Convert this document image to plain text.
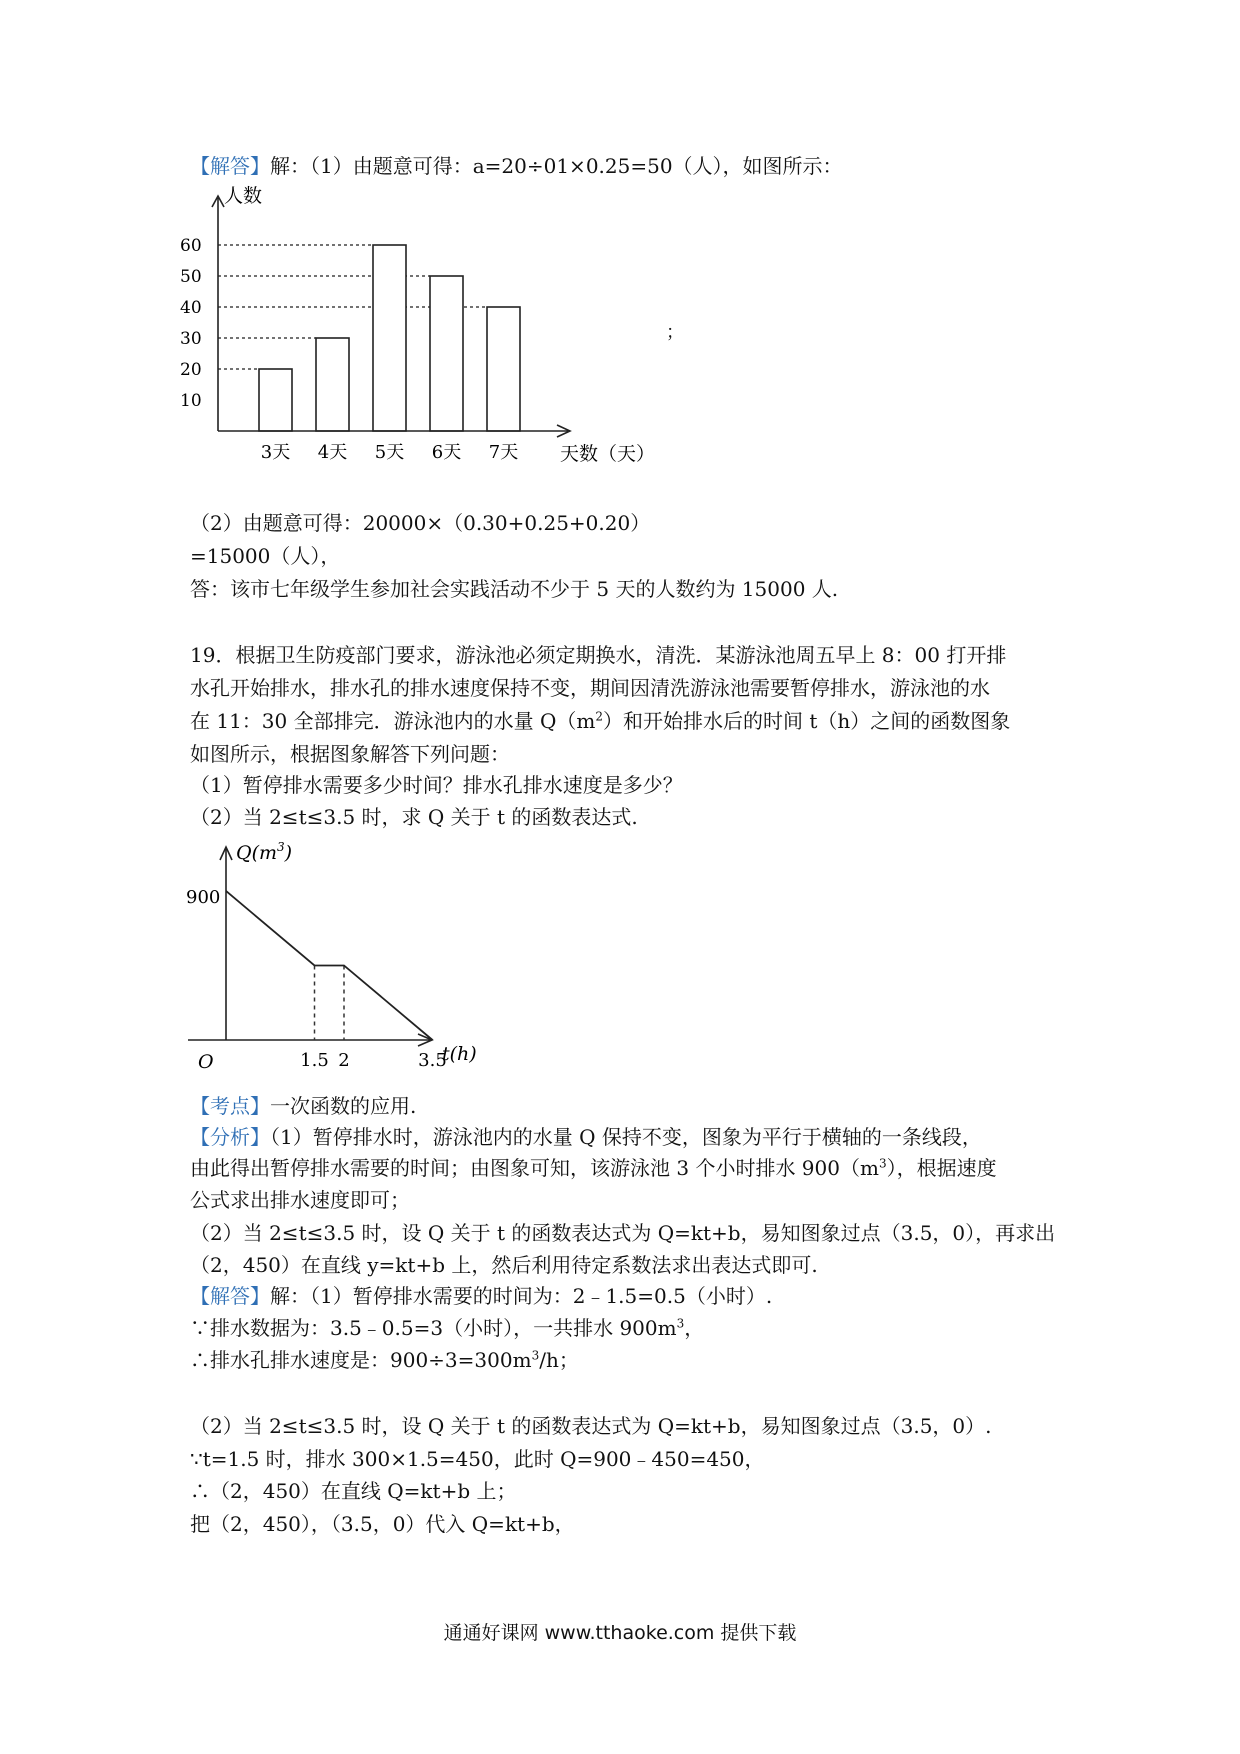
【解答】解：（1）由题意可得：a=20÷01×0.25=50（人），如图所示：
10
20
30
40
50
60
3天 4天 5天 6天 7天
人数
天数（天）
；
（2）由题意可得：20000×（0.30+0.25+0.20）
=15000（人），
答：该市七年级学生参加社会实践活动不少于 5 天的人数约为 15000 人.
19．根据卫生防疫部门要求，游泳池必须定期换水，清洗．某游泳池周五早上 8：00 打开排
水孔开始排水，排水孔的排水速度保持不变，期间因清洗游泳池需要暂停排水，游泳池的水
在 11：30 全部排完．游泳池内的水量 $Q(m^2)$和开始排水后的时间 t（h）之间的函数图象
如图所示，根据图象解答下列问题：
（1）暂停排水需要多少时间？排水孔排水速度是多少？
（2）当 2≤t≤3.5 时，求 Q 关于 t 的函数表达式.
1.5 2	3.5
O
900
$Q(m^3)$
t(h)
【考点】一次函数的应用.
【分析】（1）暂停排水时，游泳池内的水量 Q 保持不变，图象为平行于横轴的一条线段，
由此得出暂停排水需要的时间；由图象可知，该游泳池 3 个小时排水 $900(m^3)$，根据速度
公式求出排水速度即可；
（2）当 2≤t≤3.5 时，设 Q 关于 t 的函数表达式为 Q=kt+b，易知图象过点（3.5，0），再求出
（2，450）在直线 y=kt+b 上，然后利用待定系数法求出表达式即可.
【解答】解：（1）暂停排水需要的时间为：2﹣1.5=0.5（小时）.
∵排水数据为：3.5﹣0.5=3（小时），一共排水 $900m^3$，
∴排水孔排水速度是：$900\div 3=300m^3/h$；
（2）当 2≤t≤3.5 时，设 Q 关于 t 的函数表达式为 Q=kt+b，易知图象过点（3.5，0）.
∵t=1.5 时，排水 300×1.5=450，此时 Q=900﹣450=450，
∴（2，450）在直线 Q=kt+b 上；
把（2，450），（3.5，0）代入 Q=kt+b，
通通好课网 www.tthaoke.com 提供下载
